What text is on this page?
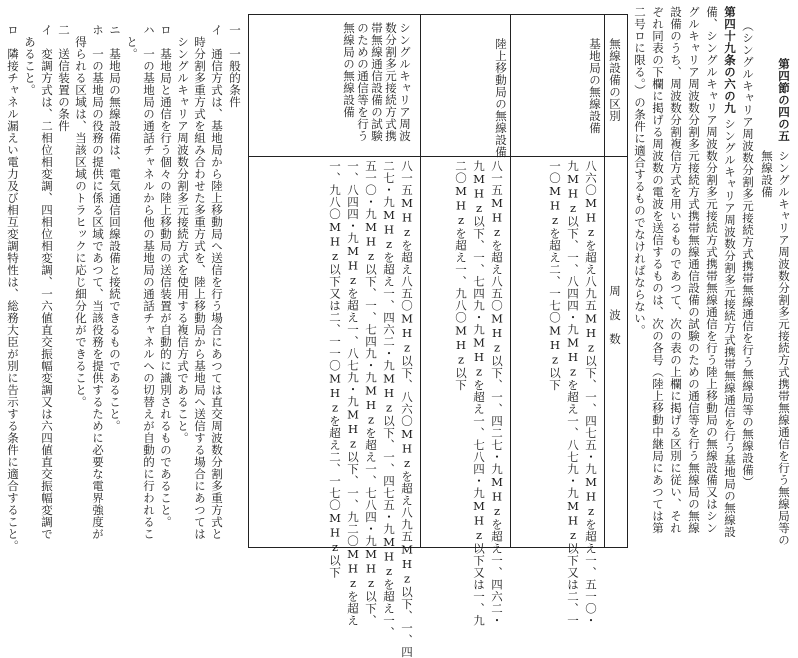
第四節の四の五
シングルキャリア周波数分割多元接続方式携帯無線通信を行う無線局等の
無線設備
（シングルキャリア周波数分割多元接続方式携帯無線通信を行う無線局等の無線設備）
第四十九条の六の九
シングルキャリア周波数分割多元接続方式携帯無線通信を行う基地局の無線設
備、シングルキャリア周波数分割多元接続方式携帯無線通信を行う陸上移動局の無線設備又はシン
グルキャリア周波数分割多元接続方式携帯無線通信設備の試験のための通信等を行う無線局の無線
設備のうち、周波数分割複信方式を用いるものであつて、次の表の上欄に掲げる区別に従い、それ
ぞれ同表の下欄に掲げる周波数の電波を送信するものは、次の各号（陸上移動中継局にあつては第
二号ロに限る。）の条件に適合するものでなければならない。
無線設備の区別
周　波　数
基地局の無線設備
八六〇MHzを超え八九五MHz以下、一、四七五・九MHzを超え一、五一〇・
九MHz以下、一、八四四・九MHzを超え一、八七九・九MHz以下又は二、一
一〇MHzを超え二、一七〇MHz以下
陸上移動局の無線設備
八一五MHzを超え八五〇MHz以下、一、四二七・九MHzを超え一、四六二・
九MHz以下、一、七四九・九MHzを超え一、七八四・九MHz以下又は一、九
二〇MHzを超え一、九八〇MHz以下
シングルキャリア周波
数分割多元接続方式携
帯無線通信設備の試験
のための通信等を行う
無線局の無線設備
八一五MHzを超え八五〇MHz以下、八六〇MHzを超え八九五MHz以下、一、四
二七・九MHzを超え一、四六二・九MHz以下、一、四七五・九MHzを超え一、
五一〇・九MHz以下、一、七四九・九MHzを超え一、七八四・九MHz以下、
一、八四四・九MHzを超え一、八七九・九MHz以下、一、九二〇MHzを超え
一、九八〇MHz以下又は二、一一〇MHzを超え二、一七〇MHz以下
一　一般的条件
イ　通信方式は、基地局から陸上移動局へ送信を行う場合にあつては直交周波数分割多重方式と
　時分割多重方式を組み合わせた多重方式を、陸上移動局から基地局へ送信する場合にあつては
　シングルキャリア周波数分割多元接続方式を使用する複信方式であること。
ロ　基地局と通信を行う個々の陸上移動局の送信装置が自動的に識別されるものであること。
ハ　一の基地局の通話チャネルから他の基地局の通話チャネルへの切替えが自動的に行われるこ
　と。
ニ　基地局の無線設備は、電気通信回線設備と接続できるものであること。
ホ　一の基地局の役務の提供に係る区域であつて、当該役務を提供するために必要な電界強度が
　得られる区域は、当該区域のトラヒックに応じ細分化ができること。
二　送信装置の条件
イ　変調方式は、二相位相変調、四相位相変調、一六値直交振幅変調又は六四値直交振幅変調で
　あること。
ロ　隣接チャネル漏えい電力及び相互変調特性は、総務大臣が別に告示する条件に適合すること。
